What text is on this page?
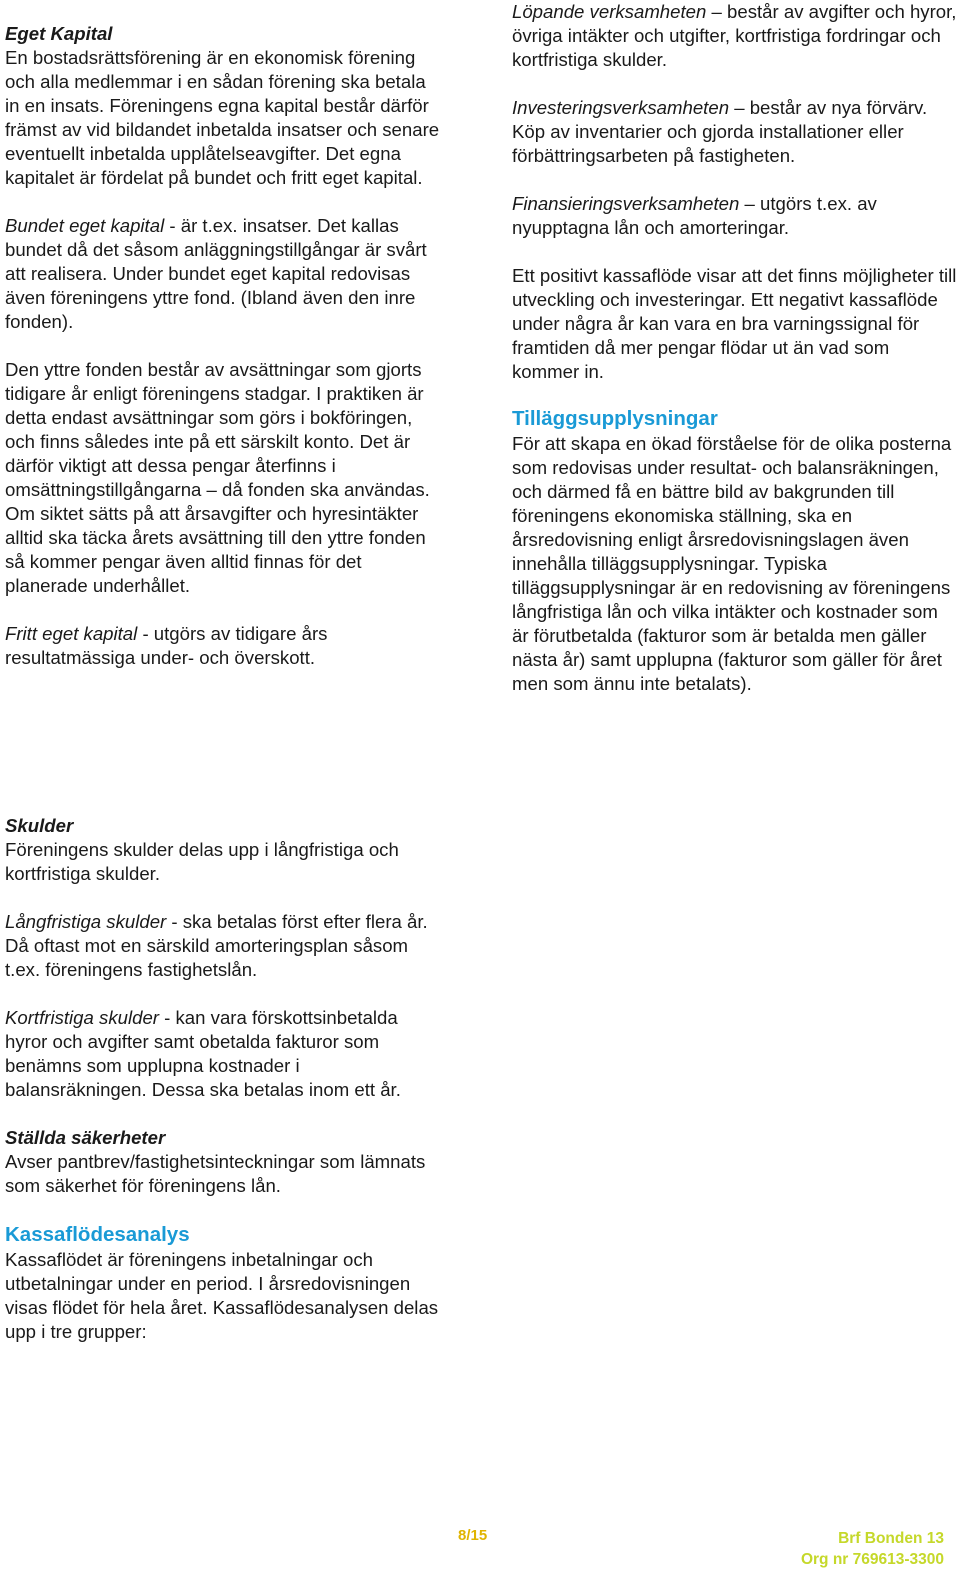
Eget Kapital
En bostadsrättsförening är en ekonomisk förening och alla medlemmar i en sådan förening ska betala in en insats. Föreningens egna kapital består därför främst av vid bildandet inbetalda insatser och senare eventuellt inbetalda upplåtelseavgifter. Det egna kapitalet är fördelat på bundet och fritt eget kapital.

Bundet eget kapital - är t.ex. insatser. Det kallas bundet då det såsom anläggningstillgångar är svårt att realisera. Under bundet eget kapital redovisas även föreningens yttre fond. (Ibland även den inre fonden).

Den yttre fonden består av avsättningar som gjorts tidigare år enligt föreningens stadgar. I praktiken är detta endast avsättningar som görs i bokföringen, och finns således inte på ett särskilt konto. Det är därför viktigt att dessa pengar återfinns i omsättningstillgångarna – då fonden ska användas. Om siktet sätts på att årsavgifter och hyresintäkter alltid ska täcka årets avsättning till den yttre fonden så kommer pengar även alltid finnas för det planerade underhållet.

Fritt eget kapital - utgörs av tidigare års resultatmässiga under- och överskott.

Löpande verksamheten – består av avgifter och hyror, övriga intäkter och utgifter, kortfristiga fordringar och kortfristiga skulder.

Investeringsverksamheten – består av nya förvärv. Köp av inventarier och gjorda installationer eller förbättringsarbeten på fastigheten.

Finansieringsverksamheten – utgörs t.ex. av nyupptagna lån och amorteringar.

Ett positivt kassaflöde visar att det finns möjligheter till utveckling och investeringar. Ett negativt kassaflöde under några år kan vara en bra varningssignal för framtiden då mer pengar flödar ut än vad som kommer in.

Tilläggsupplysningar
För att skapa en ökad förståelse för de olika posterna som redovisas under resultat- och balansräkningen, och därmed få en bättre bild av bakgrunden till föreningens ekonomiska ställning, ska en årsredovisning enligt årsredovisningslagen även innehålla tilläggsupplysningar. Typiska tilläggsupplysningar är en redovisning av föreningens långfristiga lån och vilka intäkter och kostnader som är förutbetalda (fakturor som är betalda men gäller nästa år) samt upplupna (fakturor som gäller för året men som ännu inte betalats).

Skulder
Föreningens skulder delas upp i långfristiga och kortfristiga skulder.

Långfristiga skulder - ska betalas först efter flera år. Då oftast mot en särskild amorteringsplan såsom t.ex. föreningens fastighetslån.

Kortfristiga skulder - kan vara förskottsinbetalda hyror och avgifter samt obetalda fakturor som benämns som upplupna kostnader i balansräkningen. Dessa ska betalas inom ett år.

Ställda säkerheter
Avser pantbrev/fastighetsinteckningar som lämnats som säkerhet för föreningens lån.

Kassaflödesanalys
Kassaflödet är föreningens inbetalningar och utbetalningar under en period. I årsredovisningen visas flödet för hela året. Kassaflödesanalysen delas upp i tre grupper:

8/15	Brf Bonden 13
Org nr 769613-3300
